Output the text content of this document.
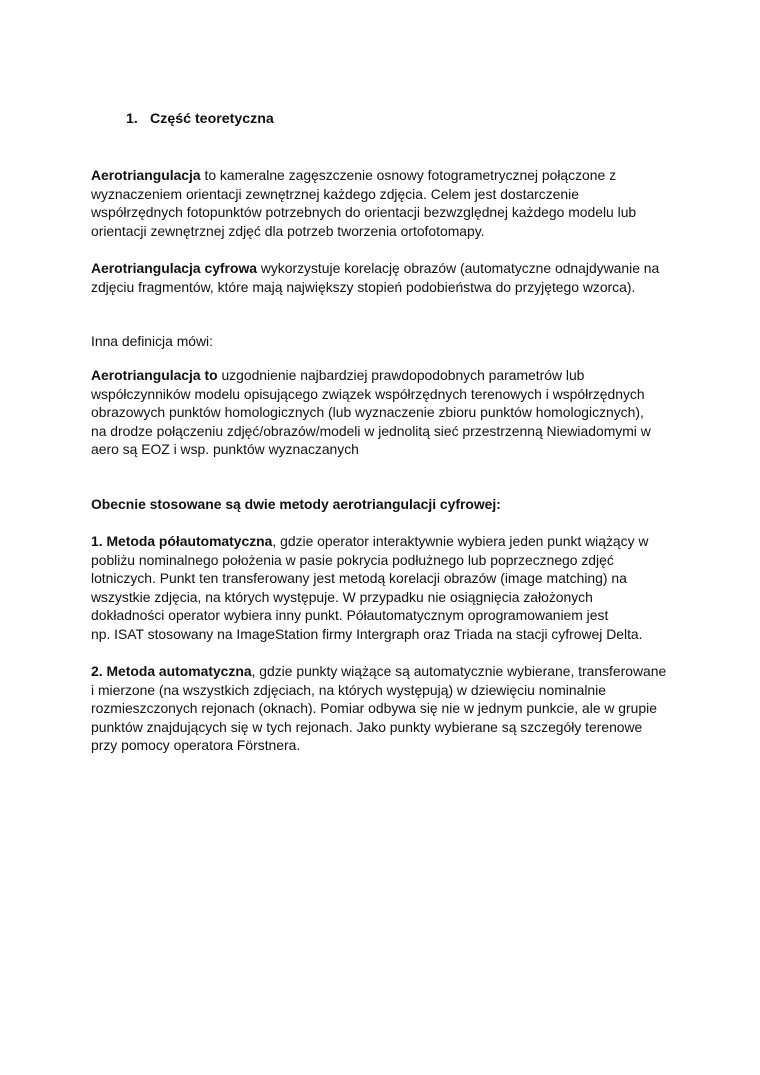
1. Część teoretyczna
Aerotriangulacja to kameralne zagęszczenie osnowy fotogrametrycznej połączone z
wyznaczeniem orientacji zewnętrznej każdego zdjęcia. Celem jest dostarczenie
współrzędnych fotopunktów potrzebnych do orientacji bezwzględnej każdego modelu lub
orientacji zewnętrznej zdjęć dla potrzeb tworzenia ortofotomapy.
Aerotriangulacja cyfrowa wykorzystuje korelację obrazów (automatyczne odnajdywanie na
zdjęciu fragmentów, które mają największy stopień podobieństwa do przyjętego wzorca).
Inna definicja mówi:
Aerotriangulacja to uzgodnienie najbardziej prawdopodobnych parametrów lub
współczynników modelu opisującego związek współrzędnych terenowych i współrzędnych
obrazowych punktów homologicznych (lub wyznaczenie zbioru punktów homologicznych),
na drodze połączeniu zdjęć/obrazów/modeli w jednolitą sieć przestrzenną Niewiadomymi w
aero są EOZ i wsp. punktów wyznaczanych
Obecnie stosowane są dwie metody aerotriangulacji cyfrowej:
1. Metoda półautomatyczna, gdzie operator interaktywnie wybiera jeden punkt wiążący w
pobliżu nominalnego położenia w pasie pokrycia podłużnego lub poprzecznego zdjęć
lotniczych. Punkt ten transferowany jest metodą korelacji obrazów (image matching) na
wszystkie zdjęcia, na których występuje. W przypadku nie osiągnięcia założonych
dokładności operator wybiera inny punkt. Półautomatycznym oprogramowaniem jest
np. ISAT stosowany na ImageStation firmy Intergraph oraz Triada na stacji cyfrowej Delta.
2. Metoda automatyczna, gdzie punkty wiążące są automatycznie wybierane, transferowane
i mierzone (na wszystkich zdjęciach, na których występują) w dziewięciu nominalnie
rozmieszczonych rejonach (oknach). Pomiar odbywa się nie w jednym punkcie, ale w grupie
punktów znajdujących się w tych rejonach. Jako punkty wybierane są szczegóły terenowe
przy pomocy operatora Förstnera.
